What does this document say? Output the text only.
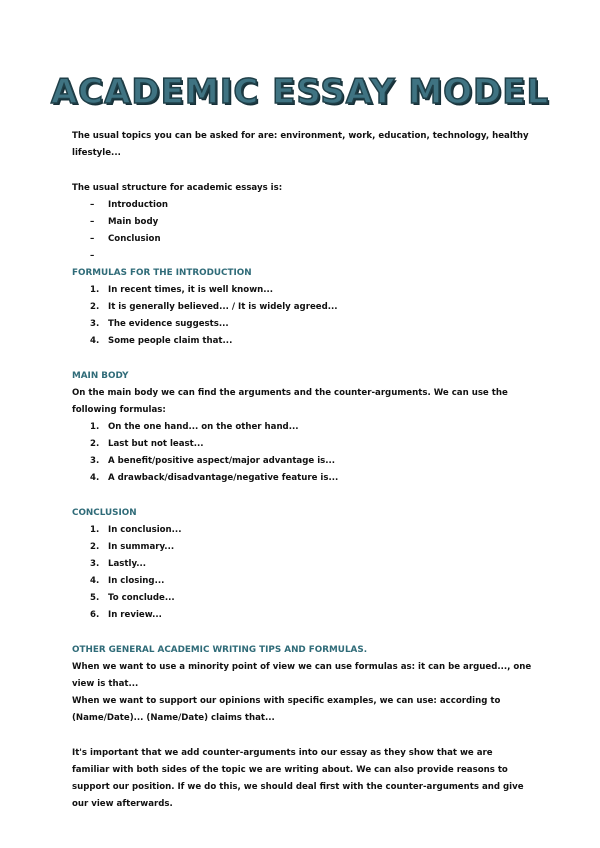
ACADEMIC ESSAY MODEL

The usual topics you can be asked for are: environment, work, education, technology, healthy lifestyle...

The usual structure for academic essays is:

– Introduction
– Main body
– Conclusion
–

FORMULAS FOR THE INTRODUCTION

1. In recent times, it is well known...
2. It is generally believed... / It is widely agreed...
3. The evidence suggests...
4. Some people claim that...

MAIN BODY

On the main body we can find the arguments and the counter-arguments. We can use the following formulas:

1. On the one hand... on the other hand...
2. Last but not least...
3. A benefit/positive aspect/major advantage is...
4. A drawback/disadvantage/negative feature is...

CONCLUSION

1. In conclusion...
2. In summary...
3. Lastly...
4. In closing...
5. To conclude...
6. In review...

OTHER GENERAL ACADEMIC WRITING TIPS AND FORMULAS.

When we want to use a minority point of view we can use formulas as: it can be argued..., one view is that...

When we want to support our opinions with specific examples, we can use: according to (Name/Date)... (Name/Date) claims that...

It's important that we add counter-arguments into our essay as they show that we are familiar with both sides of the topic we are writing about. We can also provide reasons to support our position. If we do this, we should deal first with the counter-arguments and give our view afterwards.
